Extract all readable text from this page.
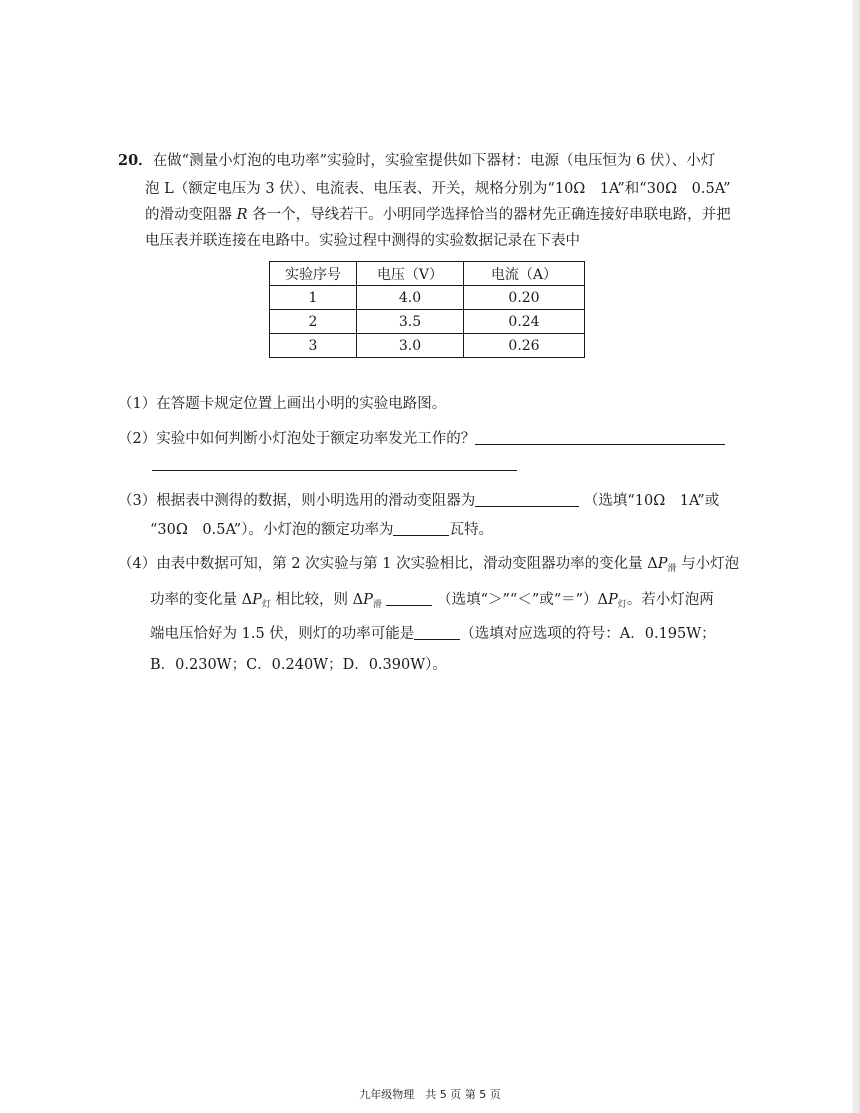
20．在做“测量小灯泡的电功率”实验时，实验室提供如下器材：电源（电压恒为 6 伏）、小灯
泡 L（额定电压为 3 伏）、电流表、电压表、开关，规格分别为“10Ω　1A”和“30Ω　0.5A”
的滑动变阻器 R 各一个，导线若干。小明同学选择恰当的器材先正确连接好串联电路，并把
电压表并联连接在电路中。实验过程中测得的实验数据记录在下表中
实验序号	电压（V）	电流（A）
1	4.0	0.20
2	3.5	0.24
3	3.0	0.26
（1）在答题卡规定位置上画出小明的实验电路图。
（2）实验中如何判断小灯泡处于额定功率发光工作的？
（3）根据表中测得的数据，则小明选用的滑动变阻器为	（选填“10Ω　1A”或
“30Ω　0.5A”）。小灯泡的额定功率为	瓦特。
（4）由表中数据可知，第 2 次实验与第 1 次实验相比，滑动变阻器功率的变化量 $\Delta P_滑$ 与小灯泡
功率的变化量 $\Delta P_灯$ 相比较，则 $\Delta P_滑$	（选填“＞”“＜”或“$=”)\Delta P_灯$。若小灯泡两
端电压恰好为 1.5 伏，则灯的功率可能是	（选填对应选项的符号：A．0.195W；
B．0.230W；C．0.240W；D．0.390W）。
九年级物理　共 5 页 第 5 页
